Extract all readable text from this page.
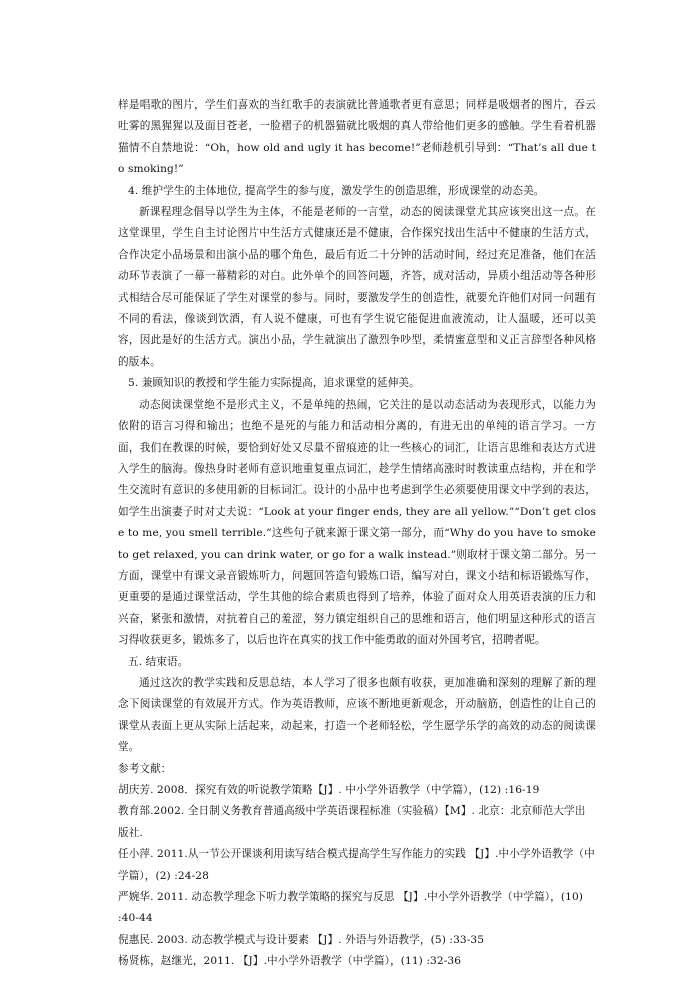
样是唱歌的图片，学生们喜欢的当红歌手的表演就比普通歌者更有意思；同样是吸烟者的图片，吞云吐雾的黑猩猩以及面目苍老，一脸褶子的机器猫就比吸烟的真人带给他们更多的感触。学生看着机器猫情不自禁地说：“Oh，how old and ugly it has become!”老师趁机引导到：“That’s all due to smoking!”

4. 维护学生的主体地位, 提高学生的参与度，激发学生的创造思维，形成课堂的动态美。

新课程理念倡导以学生为主体，不能是老师的一言堂，动态的阅读课堂尤其应该突出这一点。在这堂课里，学生自主讨论图片中生活方式健康还是不健康，合作探究找出生活中不健康的生活方式，合作决定小品场景和出演小品的哪个角色，最后有近二十分钟的活动时间，经过充足准备，他们在活动环节表演了一幕一幕精彩的对白。此外单个的回答问题，齐答，成对活动，异质小组活动等各种形式相结合尽可能保证了学生对课堂的参与。同时，要激发学生的创造性，就要允许他们对同一问题有不同的看法，像谈到饮酒，有人说不健康，可也有学生说它能促进血液流动，让人温暖，还可以美容，因此是好的生活方式。演出小品，学生就演出了激烈争吵型，柔情蜜意型和义正言辞型各种风格的版本。

5. 兼顾知识的教授和学生能力实际提高，追求课堂的延伸美。

动态阅读课堂绝不是形式主义，不是单纯的热闹，它关注的是以动态活动为表现形式，以能力为依附的语言习得和输出；也绝不是死的与能力和活动相分离的，有进无出的单纯的语言学习。一方面，我们在教课的时候，要恰到好处又尽量不留痕迹的让一些核心的词汇，让语言思维和表达方式进入学生的脑海。像热身时老师有意识地重复重点词汇，趁学生情绪高涨时时教读重点结构，并在和学生交流时有意识的多使用新的目标词汇。设计的小品中也考虑到学生必须要使用课文中学到的表达，如学生出演妻子时对丈夫说：“Look at your finger ends, they are all yellow.”“Don’t get close to me, you smell terrible.”这些句子就来源于课文第一部分，而“Why do you have to smoke to get relaxed, you can drink water, or go for a walk instead.”则取材于课文第二部分。另一方面，课堂中有课文录音锻炼听力，问题回答造句锻炼口语，编写对白，课文小结和标语锻炼写作，更重要的是通过课堂活动，学生其他的综合素质也得到了培养，体验了面对众人用英语表演的压力和兴奋，紧张和激情，对抗着自己的羞涩，努力镇定组织自己的思维和语言，他们明显这种形式的语言习得收获更多，锻炼多了，以后也许在真实的找工作中能勇敢的面对外国考官，招聘者呢。

五. 结束语。

通过这次的教学实践和反思总结，本人学习了很多也颇有收获，更加准确和深刻的理解了新的理念下阅读课堂的有效展开方式。作为英语教师，应该不断地更新观念，开动脑筋，创造性的让自己的课堂从表面上更从实际上活起来，动起来，打造一个老师轻松，学生愿学乐学的高效的动态的阅读课堂。

参考文献：

胡庆芳. 2008．探究有效的听说教学策略【J】. 中小学外语教学（中学篇），(12) :16-19

教育部.2002. 全日制义务教育普通高级中学英语课程标准（实验稿）【M】. 北京：北京师范大学出版社.

任小萍. 2011.从一节公开课谈利用读写结合模式提高学生写作能力的实践 【J】.中小学外语教学（中学篇），(2) :24-28

严婉华. 2011. 动态教学理念下听力教学策略的探究与反思 【J】.中小学外语教学（中学篇），(10) :40-44

倪惠民. 2003. 动态教学模式与设计要素 【J】. 外语与外语教学，(5) :33-35

杨贤栋，赵继光，2011. 【J】.中小学外语教学（中学篇），(11) :32-36
